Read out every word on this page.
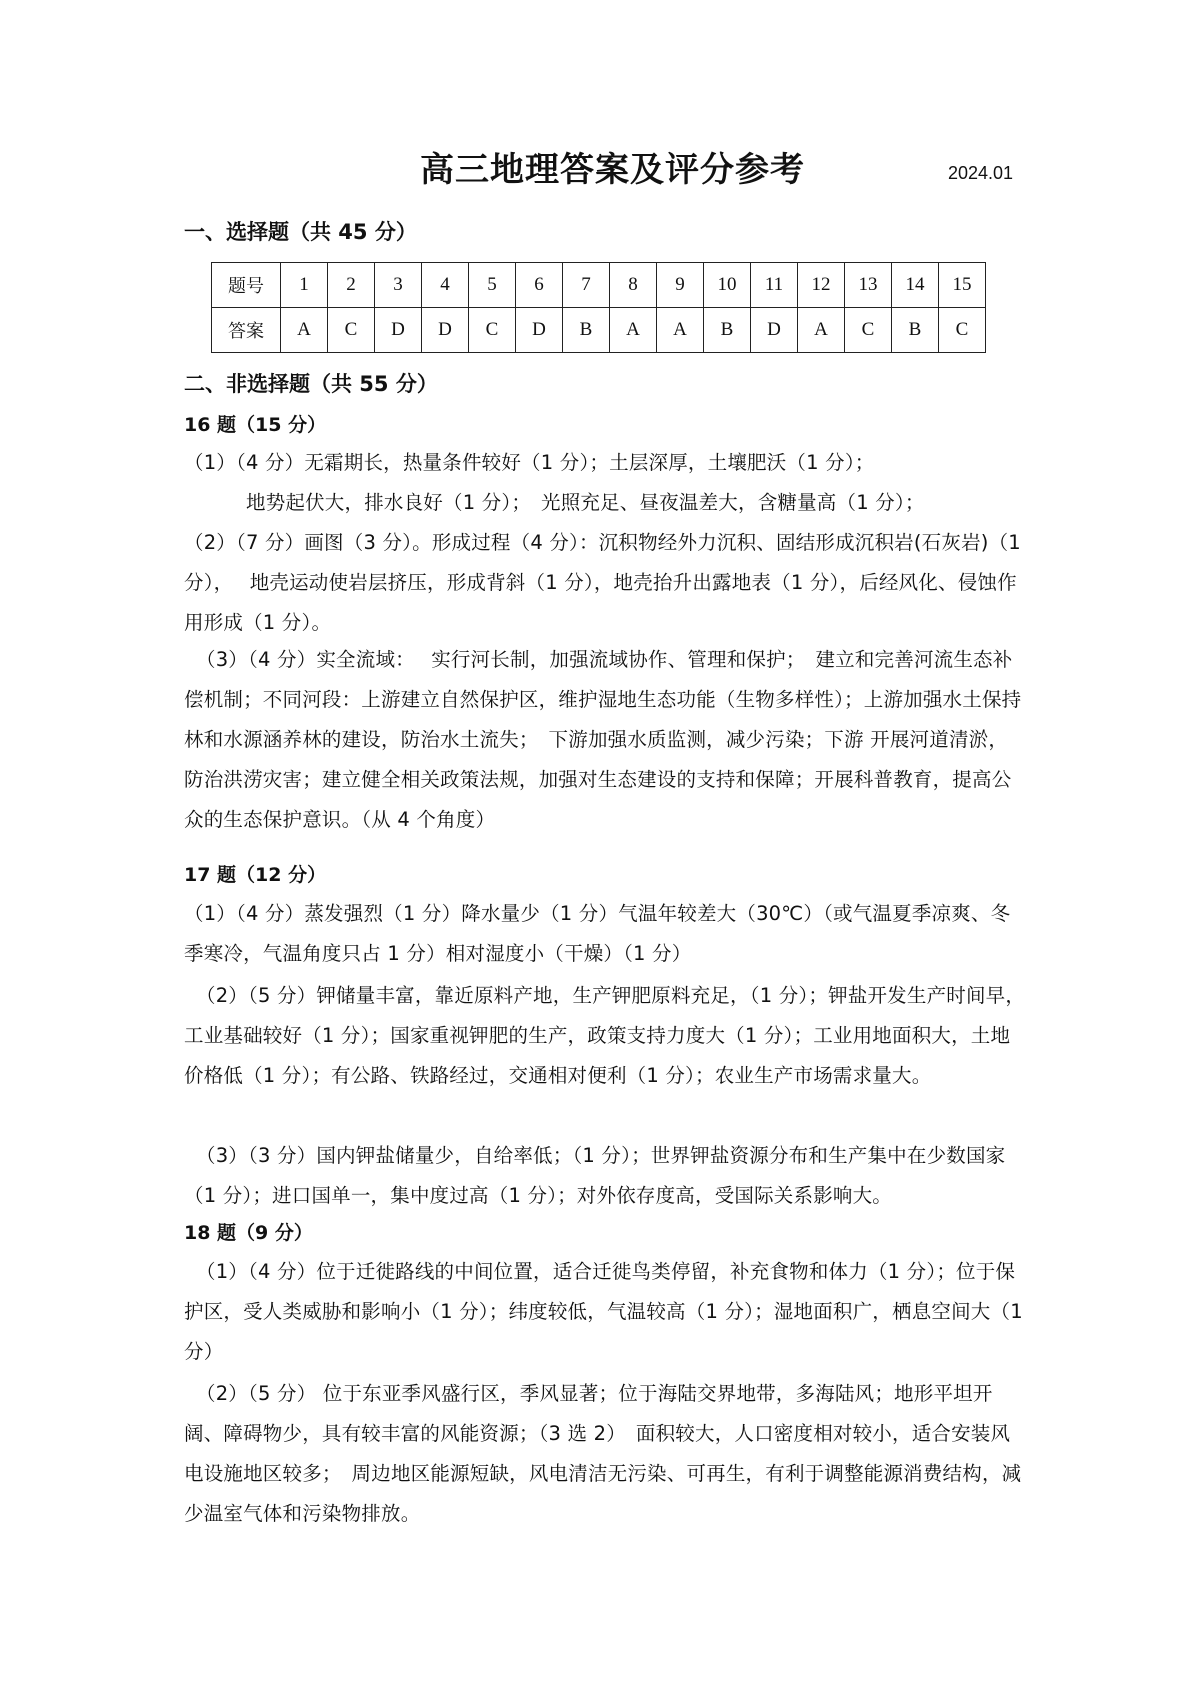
高三地理答案及评分参考	2024.01
一、选择题（共 45 分）
题号	1	2	3	4	5	6	7	8	9	10	11	12	13	14	15
答案	A	C	D	D	C	D	B	A	A	B	D	A	C	B	C
二、非选择题（共 55 分）
16 题（15 分）
（1）（4 分）无霜期长，热量条件较好（1 分）；土层深厚，土壤肥沃（1 分）；
地势起伏大，排水良好（1 分）；　光照充足、昼夜温差大，含糖量高（1 分）；
（2）（7 分）画图（3 分）。形成过程（4 分）：沉积物经外力沉积、固结形成沉积岩(石灰岩)（1 分），　 地壳运动使岩层挤压，形成背斜（1 分），地壳抬升出露地表（1 分），后经风化、侵蚀作用形成（1 分）。
（3）（4 分）实全流域：　 实行河长制，加强流域协作、管理和保护；　建立和完善河流生态补偿机制；不同河段：上游建立自然保护区，维护湿地生态功能（生物多样性）；上游加强水土保持林和水源涵养林的建设，防治水土流失；　下游加强水质监测，减少污染；下游 开展河道清淤，防治洪涝灾害；建立健全相关政策法规，加强对生态建设的支持和保障；开展科普教育，提高公众的生态保护意识。（从 4 个角度）
17 题（12 分）
（1）（4 分）蒸发强烈（1 分）降水量少（1 分）气温年较差大（30℃）（或气温夏季凉爽、冬季寒冷，气温角度只占 1 分）相对湿度小（干燥）（1 分）
（2）（5 分）钾储量丰富，靠近原料产地，生产钾肥原料充足，（1 分）；钾盐开发生产时间早，工业基础较好（1 分）；国家重视钾肥的生产，政策支持力度大（1 分）；工业用地面积大，土地价格低（1 分）；有公路、铁路经过，交通相对便利（1 分）；农业生产市场需求量大。
（3）（3 分）国内钾盐储量少，自给率低；（1 分）；世界钾盐资源分布和生产集中在少数国家（1 分）；进口国单一，集中度过高（1 分）；对外依存度高，受国际关系影响大。
18 题（9 分）
（1）（4 分）位于迁徙路线的中间位置，适合迁徙鸟类停留，补充食物和体力（1 分）；位于保护区，受人类威胁和影响小（1 分）；纬度较低，气温较高（1 分）；湿地面积广，栖息空间大（1 分）
（2）（5 分） 位于东亚季风盛行区，季风显著；位于海陆交界地带，多海陆风；地形平坦开阔、障碍物少，具有较丰富的风能资源；（3 选 2）　面积较大，人口密度相对较小，适合安装风电设施地区较多；　周边地区能源短缺，风电清洁无污染、可再生，有利于调整能源消费结构，减少温室气体和污染物排放。
